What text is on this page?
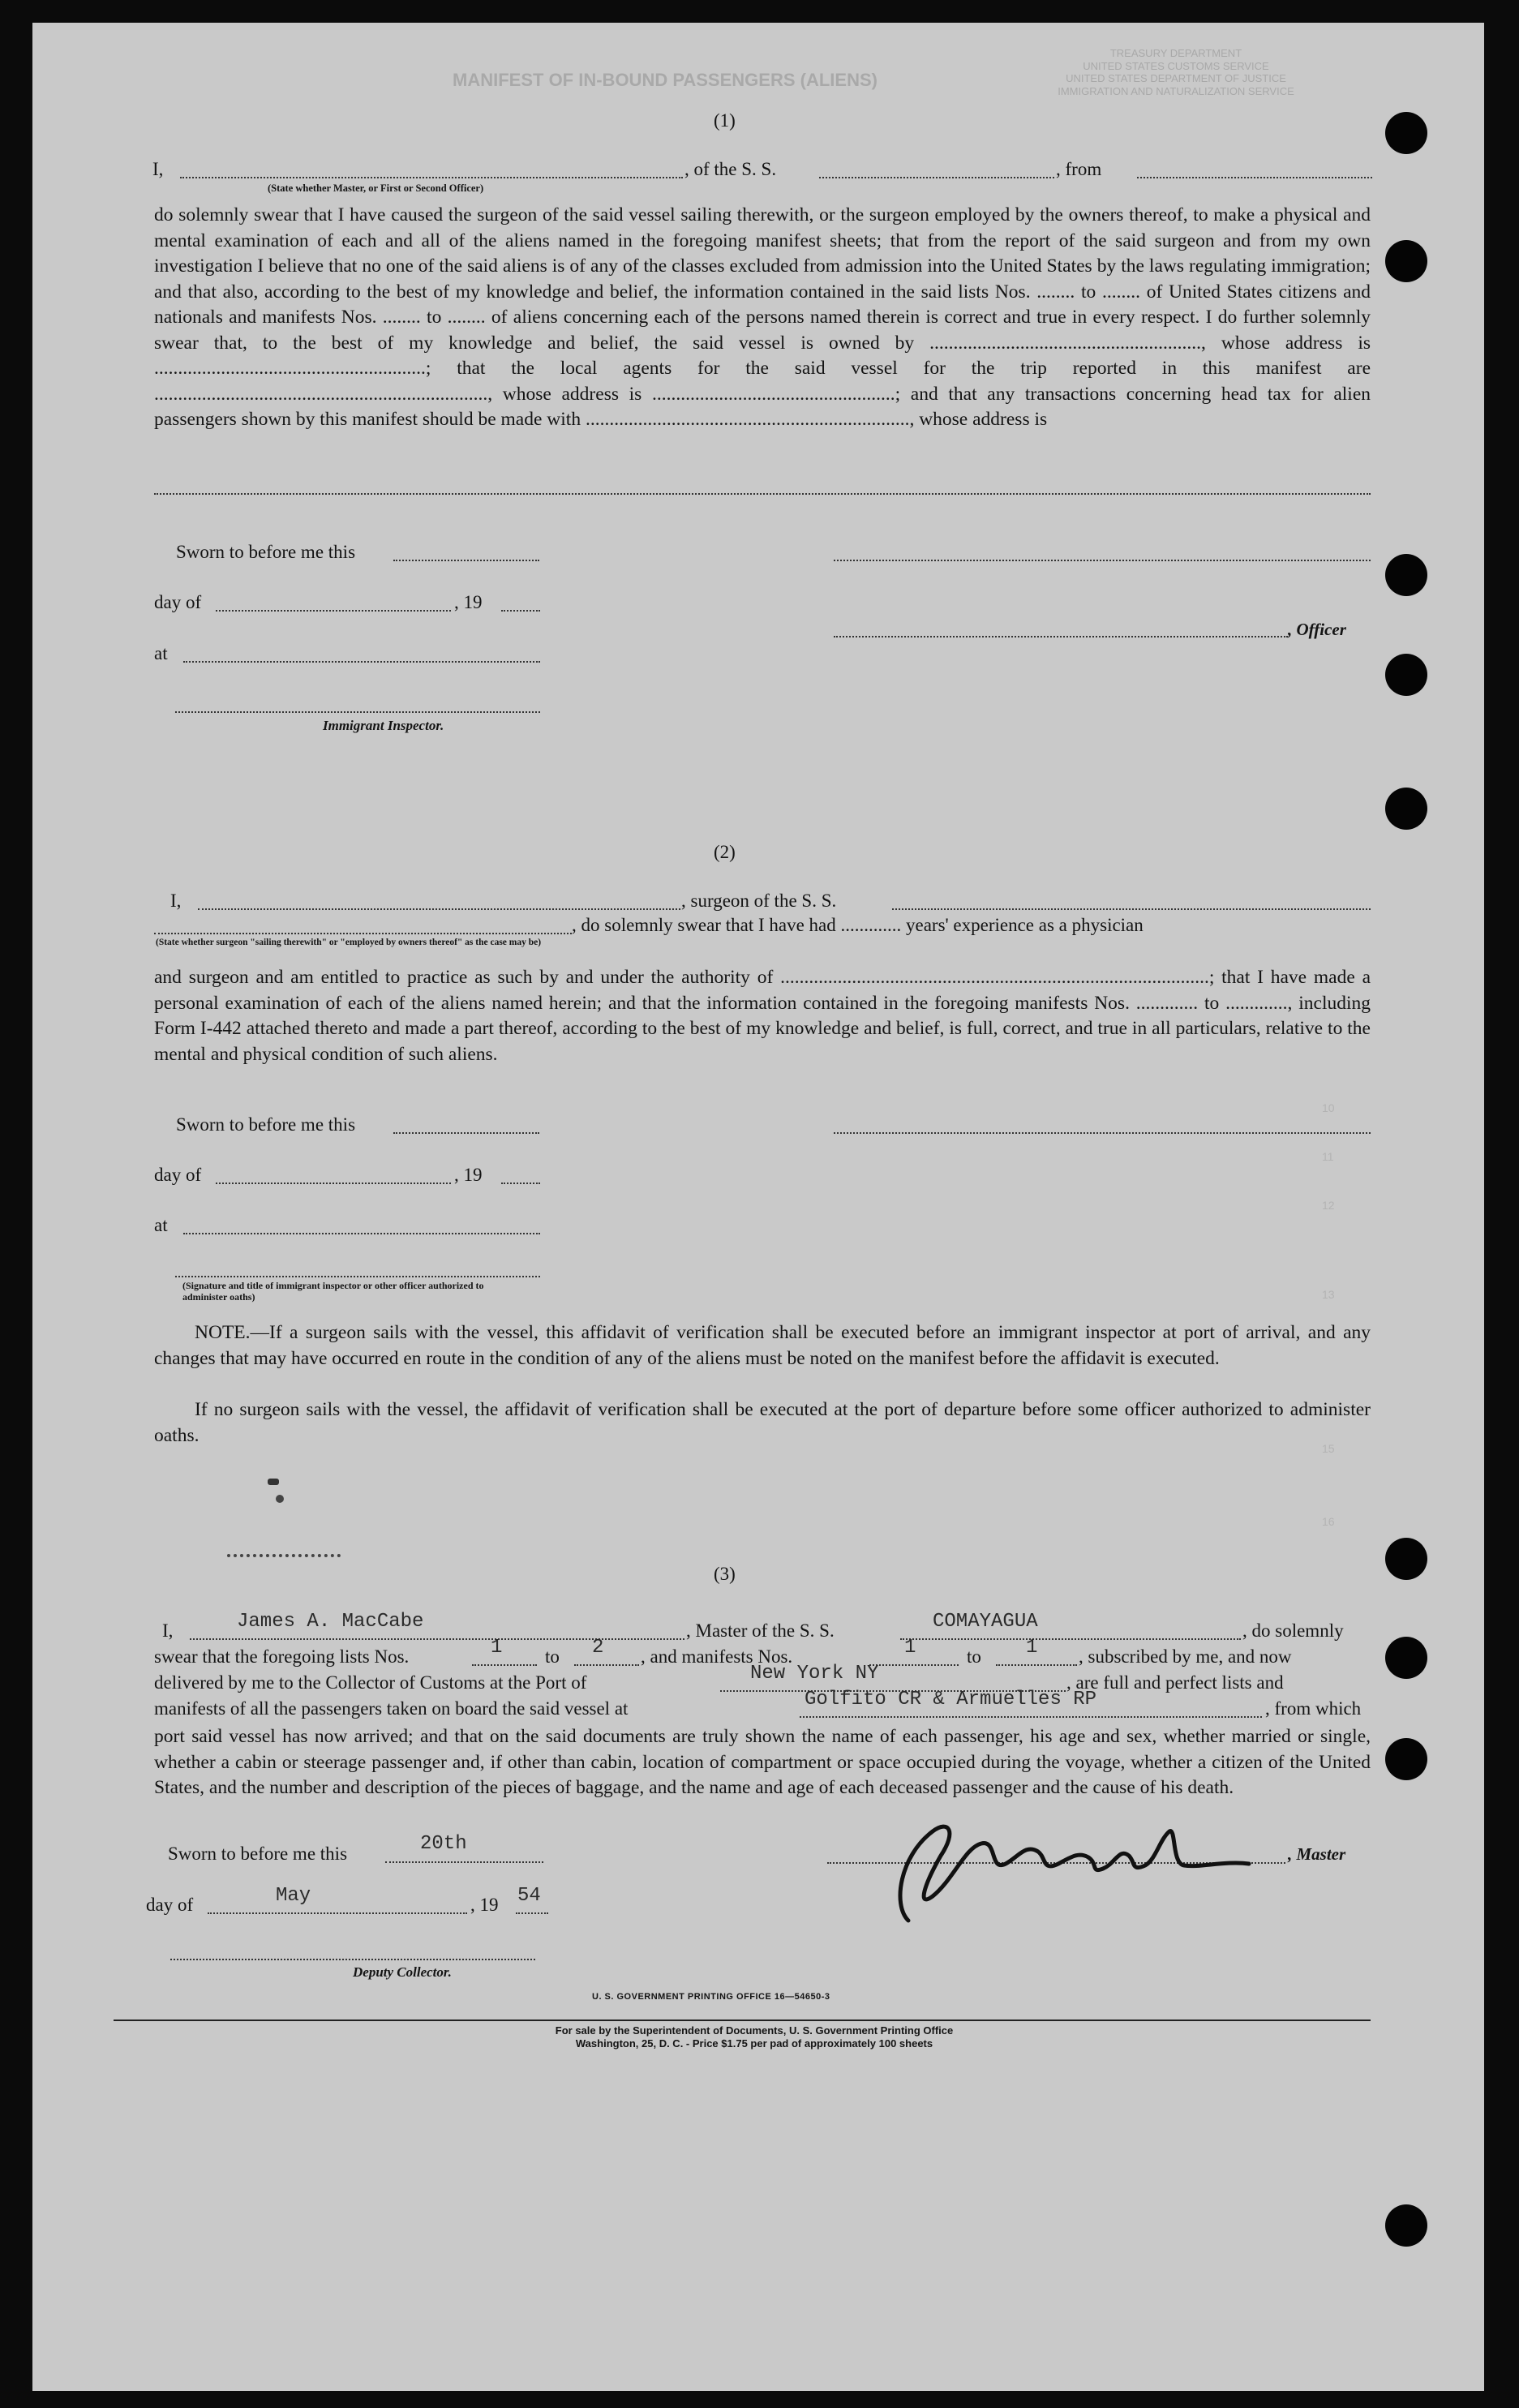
MANIFEST OF IN-BOUND PASSENGERS (ALIENS)
TREASURY DEPARTMENT
UNITED STATES CUSTOMS SERVICE
UNITED STATES DEPARTMENT OF JUSTICE
IMMIGRATION AND NATURALIZATION SERVICE
10
11
12
13
15
16
(1)
I,	, of the S. S.	, from
(State whether Master, or First or Second Officer)

do solemnly swear that I have caused the surgeon of the said vessel sailing therewith, or the surgeon employed by the owners thereof, to make a physical and mental examination of each and all of the aliens named in the foregoing manifest sheets; that from the report of the said surgeon and from my own investigation I believe that no one of the said aliens is of any of the classes excluded from admission into the United States by the laws regulating immigration; and that also, according to the best of my knowledge and belief, the information contained in the said lists Nos. ........ to ........ of United States citizens and nationals and manifests Nos. ........ to ........ of aliens concerning each of the persons named therein is correct and true in every respect. I do further solemnly swear that, to the best of my knowledge and belief, the said vessel is owned by ........................................................., whose address is .........................................................; that the local agents for the said vessel for the trip reported in this manifest are ......................................................................, whose address is ...................................................; and that any transactions concerning head tax for alien passengers shown by this manifest should be made with ...................................................................., whose address is

Sworn to before me this
day of	, 19
, Officer
at
Immigrant Inspector.
(2)
I,	, surgeon of the S. S.
, do solemnly swear that I have had ............. years' experience as a physician
(State whether surgeon "sailing therewith" or "employed by owners thereof" as the case may be)

and surgeon and am entitled to practice as such by and under the authority of ..........................................................................................; that I have made a personal examination of each of the aliens named herein; and that the information contained in the foregoing manifests Nos. ............. to ............., including Form I-442 attached thereto and made a part thereof, according to the best of my knowledge and belief, is full, correct, and true in all particulars, relative to the mental and physical condition of such aliens.

Sworn to before me this
day of	, 19
at
(Signature and title of immigrant inspector or other officer authorized to administer oaths)

NOTE.—If a surgeon sails with the vessel, this affidavit of verification shall be executed before an immigrant inspector at port of arrival, and any changes that may have occurred en route in the condition of any of the aliens must be noted on the manifest before the affidavit is executed.

If no surgeon sails with the vessel, the affidavit of verification shall be executed at the port of departure before some officer authorized to administer oaths.

(3)
I,	James A. MacCabe	, Master of the S. S.	COMAYAGUA	, do solemnly
swear that the foregoing lists Nos.	1 to 2 , and manifests Nos.	1	to 1 , subscribed by me, and now
delivered by me to the Collector of Customs at the Port of	New York NY	, are full and perfect lists and
manifests of all the passengers taken on board the said vessel at	Golfito CR & Armuelles RP	, from which

port said vessel has now arrived; and that on the said documents are truly shown the name of each passenger, his age and sex, whether married or single, whether a cabin or steerage passenger and, if other than cabin, location of compartment or space occupied during the voyage, whether a citizen of the United States, and the number and description of the pieces of baggage, and the name and age of each deceased passenger and the cause of his death.

Sworn to before me this	20th
day of	May	, 19 54
, Master
Deputy Collector.
U. S. GOVERNMENT PRINTING OFFICE 16—54650-3
For sale by the Superintendent of Documents, U. S. Government Printing Office
Washington, 25, D. C. - Price $1.75 per pad of approximately 100 sheets
